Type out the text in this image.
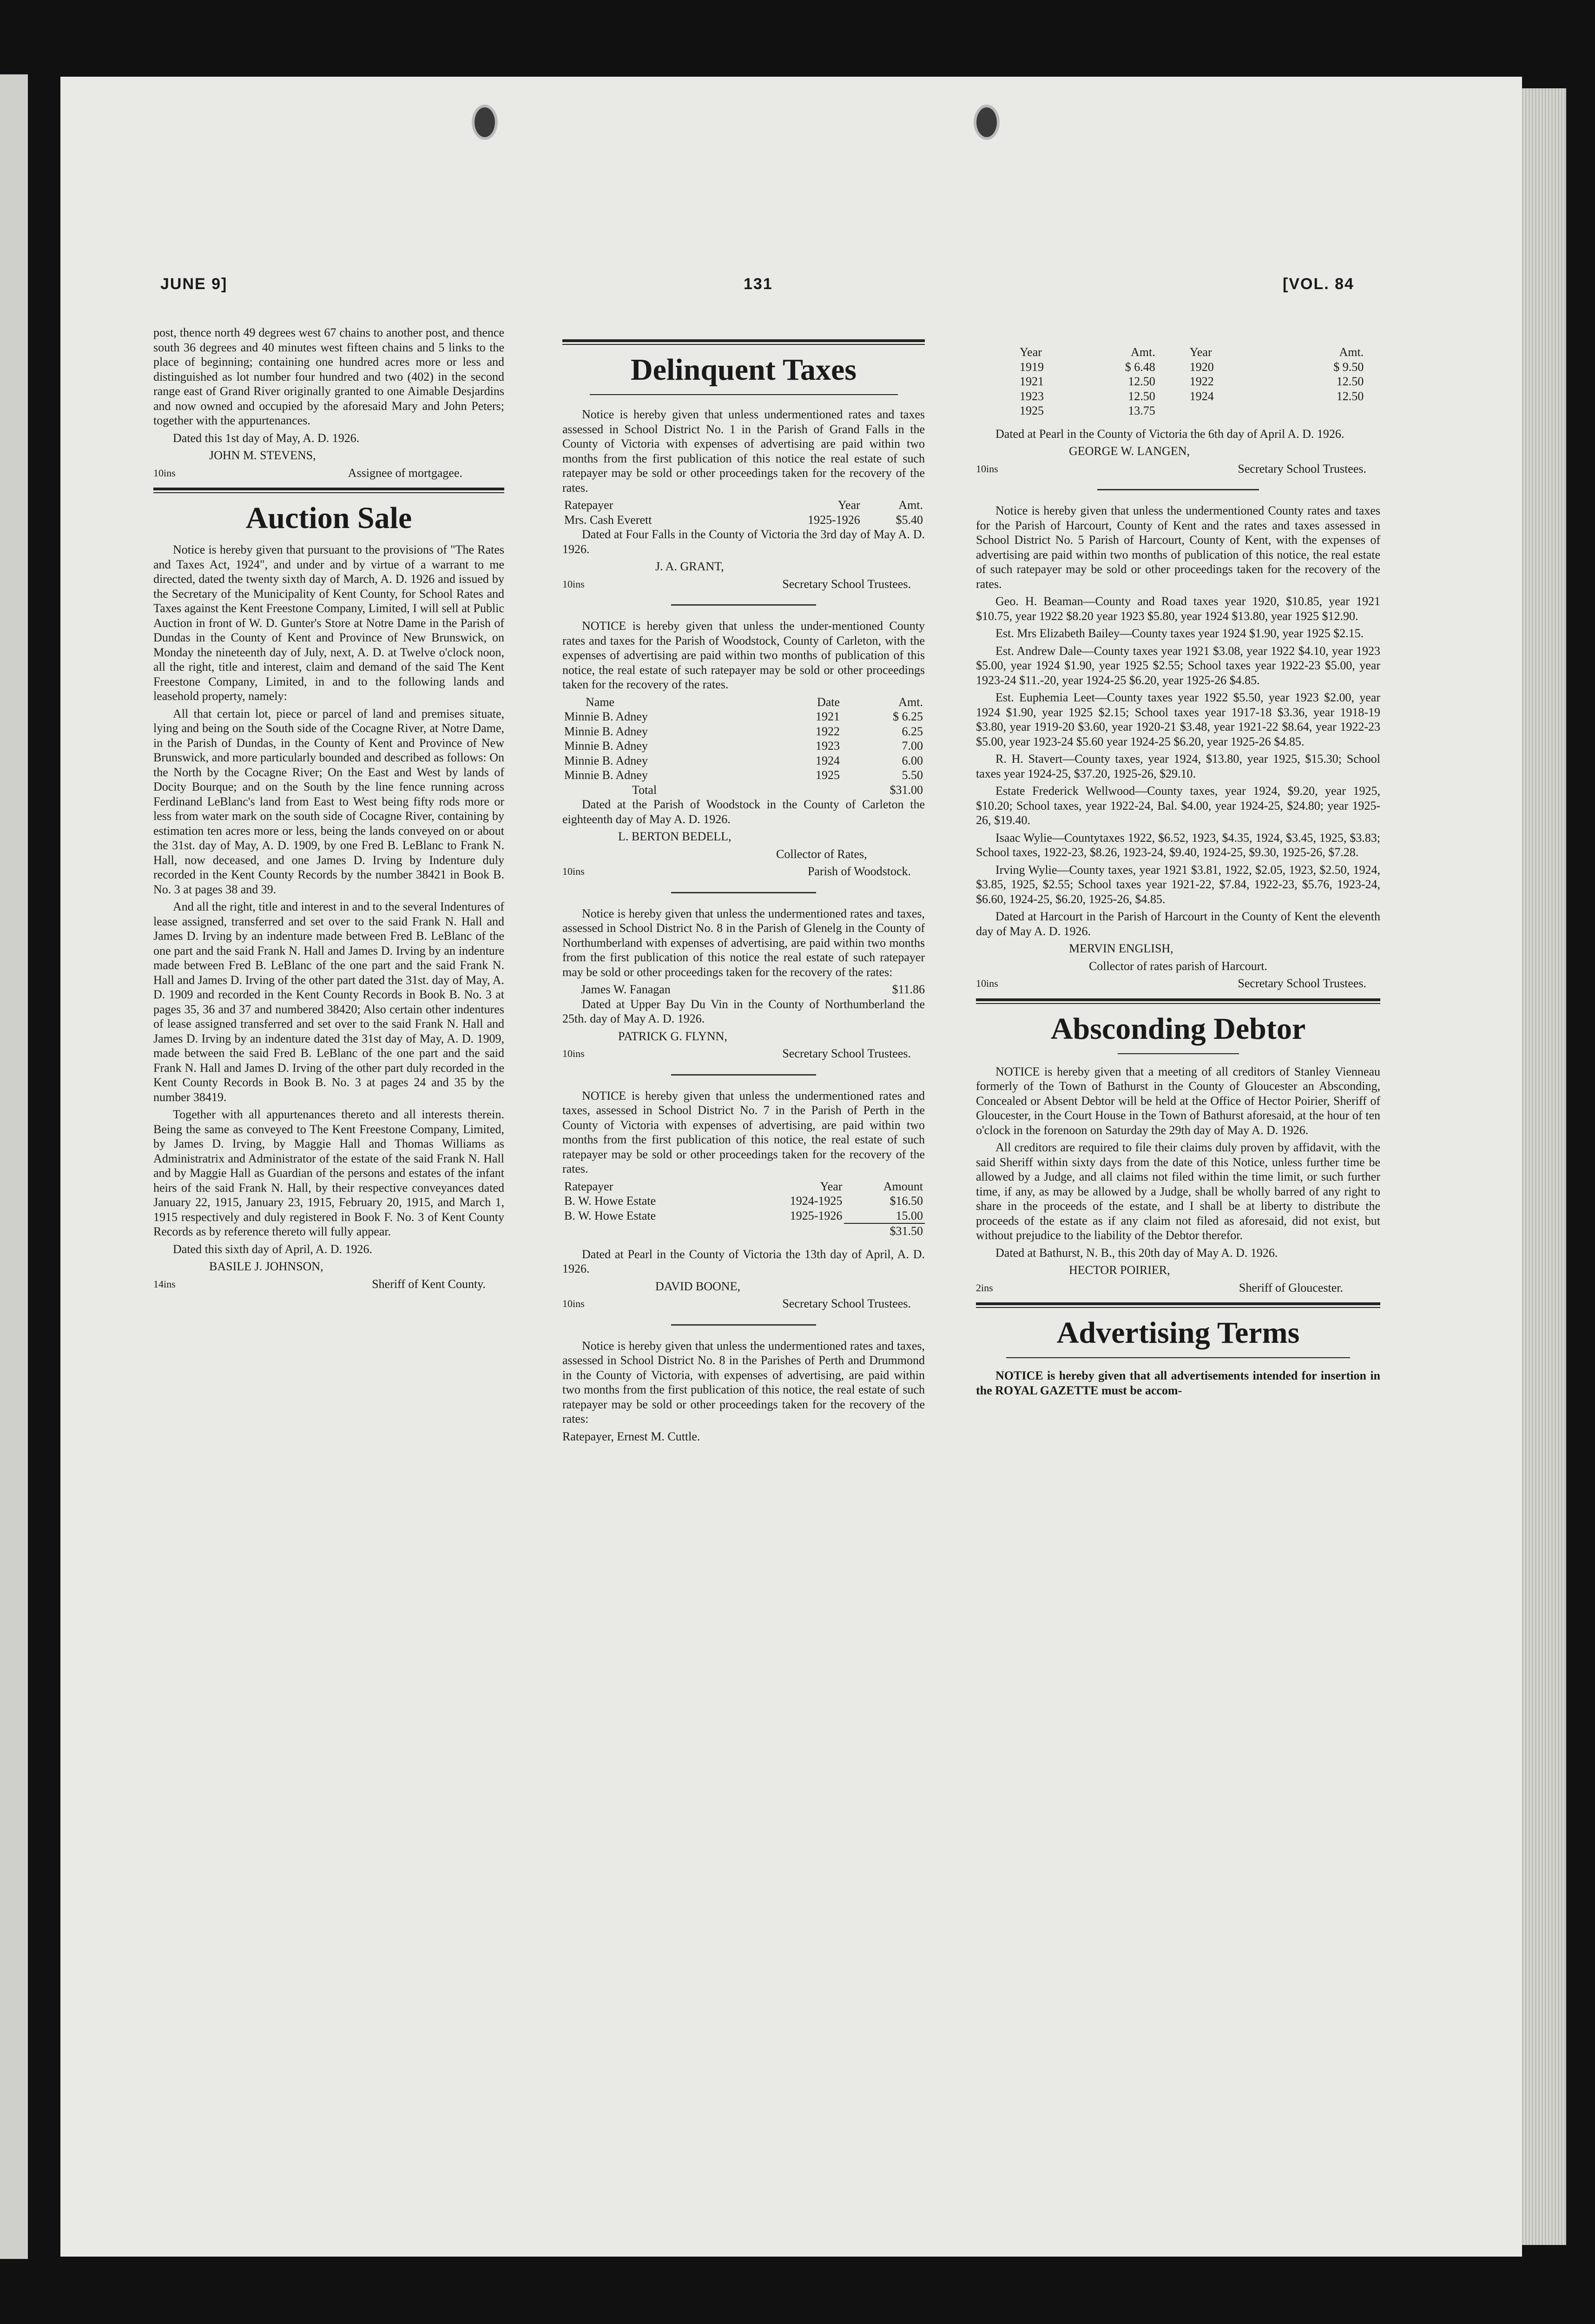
JUNE 9]	131	[VOL. 84

post, thence north 49 degrees west 67 chains to another post, and thence south 36 degrees and 40 minutes west fifteen chains and 5 links to the place of beginning; containing one hundred acres more or less and distinguished as lot number four hundred and two (402) in the second range east of Grand River originally granted to one Aimable Desjardins and now owned and occupied by the aforesaid Mary and John Peters; together with the appurtenances.

Dated this 1st day of May, A. D. 1926.

JOHN M. STEVENS,

10ins	Assignee of mortgagee.
Auction Sale

Notice is hereby given that pursuant to the provisions of "The Rates and Taxes Act, 1924", and under and by virtue of a warrant to me directed, dated the twenty sixth day of March, A. D. 1926 and issued by the Secretary of the Municipality of Kent County, for School Rates and Taxes against the Kent Freestone Company, Limited, I will sell at Public Auction in front of W. D. Gunter's Store at Notre Dame in the Parish of Dundas in the County of Kent and Province of New Brunswick, on Monday the nineteenth day of July, next, A. D. at Twelve o'clock noon, all the right, title and interest, claim and demand of the said The Kent Freestone Company, Limited, in and to the following lands and leasehold property, namely:

All that certain lot, piece or parcel of land and premises situate, lying and being on the South side of the Cocagne River, at Notre Dame, in the Parish of Dundas, in the County of Kent and Province of New Brunswick, and more particularly bounded and described as follows: On the North by the Cocagne River; On the East and West by lands of Docity Bourque; and on the South by the line fence running across Ferdinand LeBlanc's land from East to West being fifty rods more or less from water mark on the south side of Cocagne River, containing by estimation ten acres more or less, being the lands conveyed on or about the 31st. day of May, A. D. 1909, by one Fred B. LeBlanc to Frank N. Hall, now deceased, and one James D. Irving by Indenture duly recorded in the Kent County Records by the number 38421 in Book B. No. 3 at pages 38 and 39.

And all the right, title and interest in and to the several Indentures of lease assigned, transferred and set over to the said Frank N. Hall and James D. Irving by an indenture made between Fred B. LeBlanc of the one part and the said Frank N. Hall and James D. Irving by an indenture made between Fred B. LeBlanc of the one part and the said Frank N. Hall and James D. Irving of the other part dated the 31st. day of May, A. D. 1909 and recorded in the Kent County Records in Book B. No. 3 at pages 35, 36 and 37 and numbered 38420; Also certain other indentures of lease assigned transferred and set over to the said Frank N. Hall and James D. Irving by an indenture dated the 31st day of May, A. D. 1909, made between the said Fred B. LeBlanc of the one part and the said Frank N. Hall and James D. Irving of the other part duly recorded in the Kent County Records in Book B. No. 3 at pages 24 and 35 by the number 38419.

Together with all appurtenances thereto and all interests therein. Being the same as conveyed to The Kent Freestone Company, Limited, by James D. Irving, by Maggie Hall and Thomas Williams as Administratrix and Administrator of the estate of the said Frank N. Hall and by Maggie Hall as Guardian of the persons and estates of the infant heirs of the said Frank N. Hall, by their respective conveyances dated January 22, 1915, January 23, 1915, February 20, 1915, and March 1, 1915 respectively and duly registered in Book F. No. 3 of Kent County Records as by reference thereto will fully appear.

Dated this sixth day of April, A. D. 1926.

BASILE J. JOHNSON,

14ins	Sheriff of Kent County.
Delinquent Taxes

Notice is hereby given that unless undermentioned rates and taxes assessed in School District No. 1 in the Parish of Grand Falls in the County of Victoria with expenses of advertising are paid within two months from the first publication of this notice the real estate of such ratepayer may be sold or other proceedings taken for the recovery of the rates.

Ratepayer	Year	Amt.
Mrs. Cash Everett	1925-1926	$5.40

Dated at Four Falls in the County of Victoria the 3rd day of May A. D. 1926.

J. A. GRANT,

10ins	Secretary School Trustees.

NOTICE is hereby given that unless the under-mentioned County rates and taxes for the Parish of Woodstock, County of Carleton, with the expenses of advertising are paid within two months of publication of this notice, the real estate of such ratepayer may be sold or other proceedings taken for the recovery of the rates.

Name	Date	Amt.
Minnie B. Adney	1921	$ 6.25
Minnie B. Adney	1922	6.25
Minnie B. Adney	1923	7.00
Minnie B. Adney	1924	6.00
Minnie B. Adney	1925	5.50
Total		$31.00

Dated at the Parish of Woodstock in the County of Carleton the eighteenth day of May A. D. 1926.

L. BERTON BEDELL,

Collector of Rates,

10ins	Parish of Woodstock.

Notice is hereby given that unless the undermentioned rates and taxes, assessed in School District No. 8 in the Parish of Glenelg in the County of Northumberland with expenses of advertising, are paid within two months from the first publication of this notice the real estate of such ratepayer may be sold or other proceedings taken for the recovery of the rates:

James W. Fanagan	$11.86

Dated at Upper Bay Du Vin in the County of Northumberland the 25th. day of May A. D. 1926.

PATRICK G. FLYNN,

10ins	Secretary School Trustees.

NOTICE is hereby given that unless the undermentioned rates and taxes, assessed in School District No. 7 in the Parish of Perth in the County of Victoria with expenses of advertising, are paid within two months from the first publication of this notice, the real estate of such ratepayer may be sold or other proceedings taken for the recovery of the rates.

Ratepayer	Year	Amount
B. W. Howe Estate	1924-1925	$16.50
B. W. Howe Estate	1925-1926	15.00
		$31.50

Dated at Pearl in the County of Victoria the 13th day of April, A. D. 1926.

DAVID BOONE,

10ins	Secretary School Trustees.

Notice is hereby given that unless the undermentioned rates and taxes, assessed in School District No. 8 in the Parishes of Perth and Drummond in the County of Victoria, with expenses of advertising, are paid within two months from the first publication of this notice, the real estate of such ratepayer may be sold or other proceedings taken for the recovery of the rates:

Ratepayer, Ernest M. Cuttle.

Year	Amt.	Year	Amt.
1919	$ 6.48	1920	$ 9.50
1921	12.50	1922	12.50
1923	12.50	1924	12.50
1925	13.75		

Dated at Pearl in the County of Victoria the 6th day of April A. D. 1926.

GEORGE W. LANGEN,

10ins	Secretary School Trustees.

Notice is hereby given that unless the undermentioned County rates and taxes for the Parish of Harcourt, County of Kent and the rates and taxes assessed in School District No. 5 Parish of Harcourt, County of Kent, with the expenses of advertising are paid within two months of publication of this notice, the real estate of such ratepayer may be sold or other proceedings taken for the recovery of the rates.

Geo. H. Beaman—County and Road taxes year 1920, $10.85, year 1921 $10.75, year 1922 $8.20 year 1923 $5.80, year 1924 $13.80, year 1925 $12.90.

Est. Mrs Elizabeth Bailey—County taxes year 1924 $1.90, year 1925 $2.15.

Est. Andrew Dale—County taxes year 1921 $3.08, year 1922 $4.10, year 1923 $5.00, year 1924 $1.90, year 1925 $2.55; School taxes year 1922-23 $5.00, year 1923-24 $11.-20, year 1924-25 $6.20, year 1925-26 $4.85.

Est. Euphemia Leet—County taxes year 1922 $5.50, year 1923 $2.00, year 1924 $1.90, year 1925 $2.15; School taxes year 1917-18 $3.36, year 1918-19 $3.80, year 1919-20 $3.60, year 1920-21 $3.48, year 1921-22 $8.64, year 1922-23 $5.00, year 1923-24 $5.60 year 1924-25 $6.20, year 1925-26 $4.85.

R. H. Stavert—County taxes, year 1924, $13.80, year 1925, $15.30; School taxes year 1924-25, $37.20, 1925-26, $29.10.

Estate Frederick Wellwood—County taxes, year 1924, $9.20, year 1925, $10.20; School taxes, year 1922-24, Bal. $4.00, year 1924-25, $24.80; year 1925-26, $19.40.

Isaac Wylie—Countytaxes 1922, $6.52, 1923, $4.35, 1924, $3.45, 1925, $3.83; School taxes, 1922-23, $8.26, 1923-24, $9.40, 1924-25, $9.30, 1925-26, $7.28.

Irving Wylie—County taxes, year 1921 $3.81, 1922, $2.05, 1923, $2.50, 1924, $3.85, 1925, $2.55; School taxes year 1921-22, $7.84, 1922-23, $5.76, 1923-24, $6.60, 1924-25, $6.20, 1925-26, $4.85.

Dated at Harcourt in the Parish of Harcourt in the County of Kent the eleventh day of May A. D. 1926.

MERVIN ENGLISH,

Collector of rates parish of Harcourt.

10ins	Secretary School Trustees.
Absconding Debtor

NOTICE is hereby given that a meeting of all creditors of Stanley Vienneau formerly of the Town of Bathurst in the County of Gloucester an Absconding, Concealed or Absent Debtor will be held at the Office of Hector Poirier, Sheriff of Gloucester, in the Court House in the Town of Bathurst aforesaid, at the hour of ten o'clock in the forenoon on Saturday the 29th day of May A. D. 1926.

All creditors are required to file their claims duly proven by affidavit, with the said Sheriff within sixty days from the date of this Notice, unless further time be allowed by a Judge, and all claims not filed within the time limit, or such further time, if any, as may be allowed by a Judge, shall be wholly barred of any right to share in the proceeds of the estate, and I shall be at liberty to distribute the proceeds of the estate as if any claim not filed as aforesaid, did not exist, but without prejudice to the liability of the Debtor therefor.

Dated at Bathurst, N. B., this 20th day of May A. D. 1926.

HECTOR POIRIER,

2ins	Sheriff of Gloucester.
Advertising Terms

NOTICE is hereby given that all advertisements intended for insertion in the ROYAL GAZETTE must be accom-
